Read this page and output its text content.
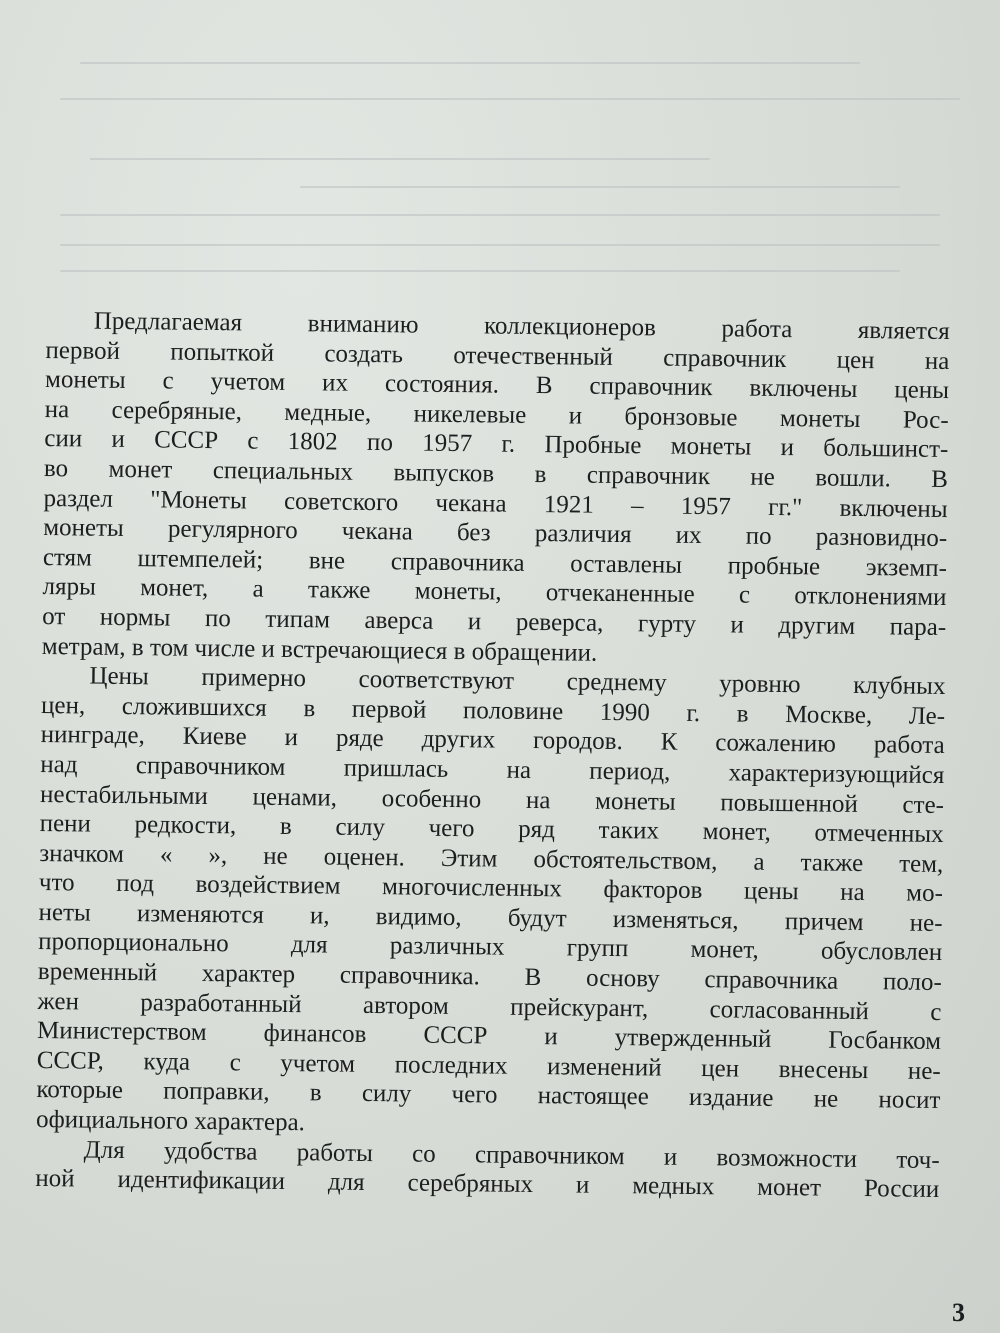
Предлагаемая вниманию коллекционеров работа является
первой попыткой создать отечественный справочник цен на
монеты с учетом их состояния. В справочник включены цены
на серебряные, медные, никелевые и бронзовые монеты Рос-
сии и СССР с 1802 по 1957 г. Пробные монеты и большинст-
во монет специальных выпусков в справочник не вошли. В
раздел "Монеты советского чекана 1921 – 1957 гг." включены
монеты регулярного чекана без различия их по разновидно-
стям штемпелей; вне справочника оставлены пробные экземп-
ляры монет, а также монеты, отчеканенные с отклонениями
от нормы по типам аверса и реверса, гурту и другим пара-
метрам, в том числе и встречающиеся в обращении.
Цены примерно соответствуют среднему уровню клубных
цен, сложившихся в первой половине 1990 г. в Москве, Ле-
нинграде, Киеве и ряде других городов. К сожалению работа
над справочником пришлась на период, характеризующийся
нестабильными ценами, особенно на монеты повышенной сте-
пени редкости, в силу чего ряд таких монет, отмеченных
значком « », не оценен. Этим обстоятельством, а также тем,
что под воздействием многочисленных факторов цены на мо-
неты изменяются и, видимо, будут изменяться, причем не-
пропорционально для различных групп монет, обусловлен
временный характер справочника. В основу справочника поло-
жен разработанный автором прейскурант, согласованный с
Министерством финансов СССР и утвержденный Госбанком
СССР, куда с учетом последних изменений цен внесены не-
которые поправки, в силу чего настоящее издание не носит
официального характера.
Для удобства работы со справочником и возможности точ-
ной идентификации для серебряных и медных монет России
3
